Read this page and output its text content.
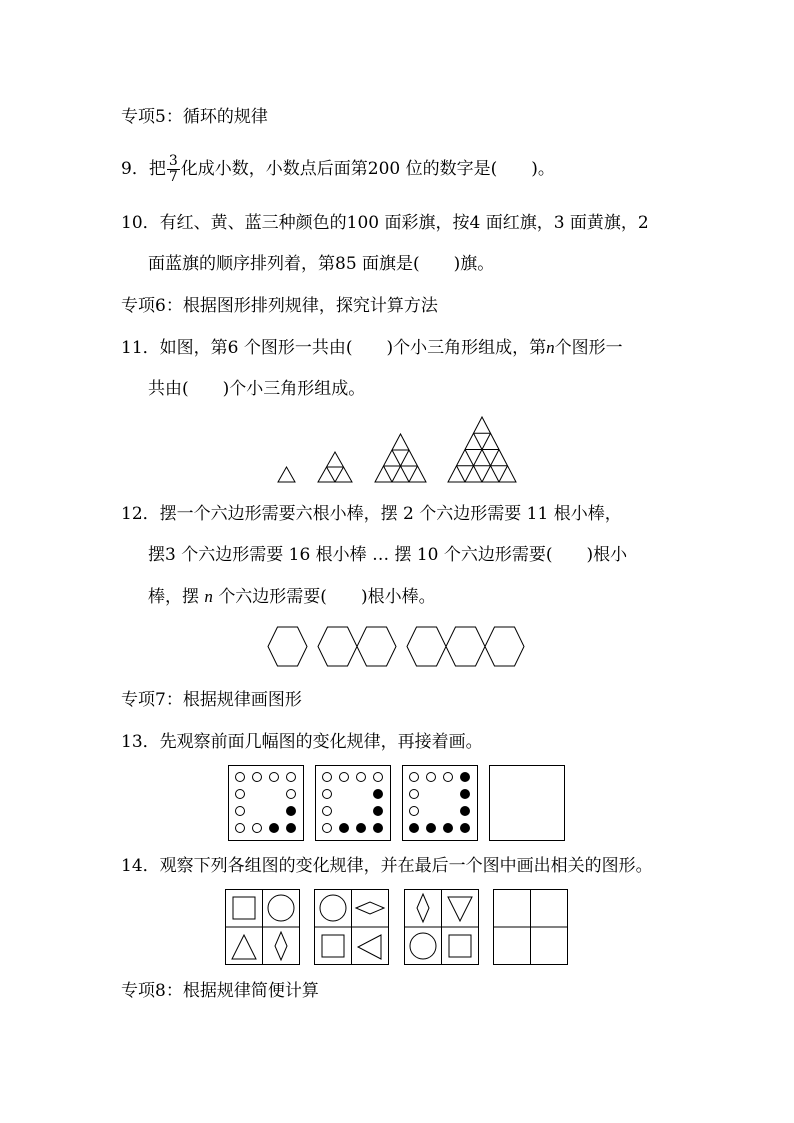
专项5：循环的规律
9．把 $\frac{3}{7}$ 化成小数，小数点后面第200 位的数字是(　　)。
10．有红、黄、蓝三种颜色的100 面彩旗，按4 面红旗，3 面黄旗，2
面蓝旗的顺序排列着，第85 面旗是(　　)旗。
专项6：根据图形排列规律，探究计算方法
11．如图，第6 个图形一共由(　　)个小三角形组成，第n个图形一
共由(　　)个小三角形组成。
12．摆一个六边形需要六根小棒，摆 2 个六边形需要 11 根小棒，
摆3 个六边形需要 16 根小棒 … 摆 10 个六边形需要(　　)根小
棒，摆 n 个六边形需要(　　)根小棒。
专项7：根据规律画图形
13．先观察前面几幅图的变化规律，再接着画。
14．观察下列各组图的变化规律，并在最后一个图中画出相关的图形。
专项8：根据规律简便计算
